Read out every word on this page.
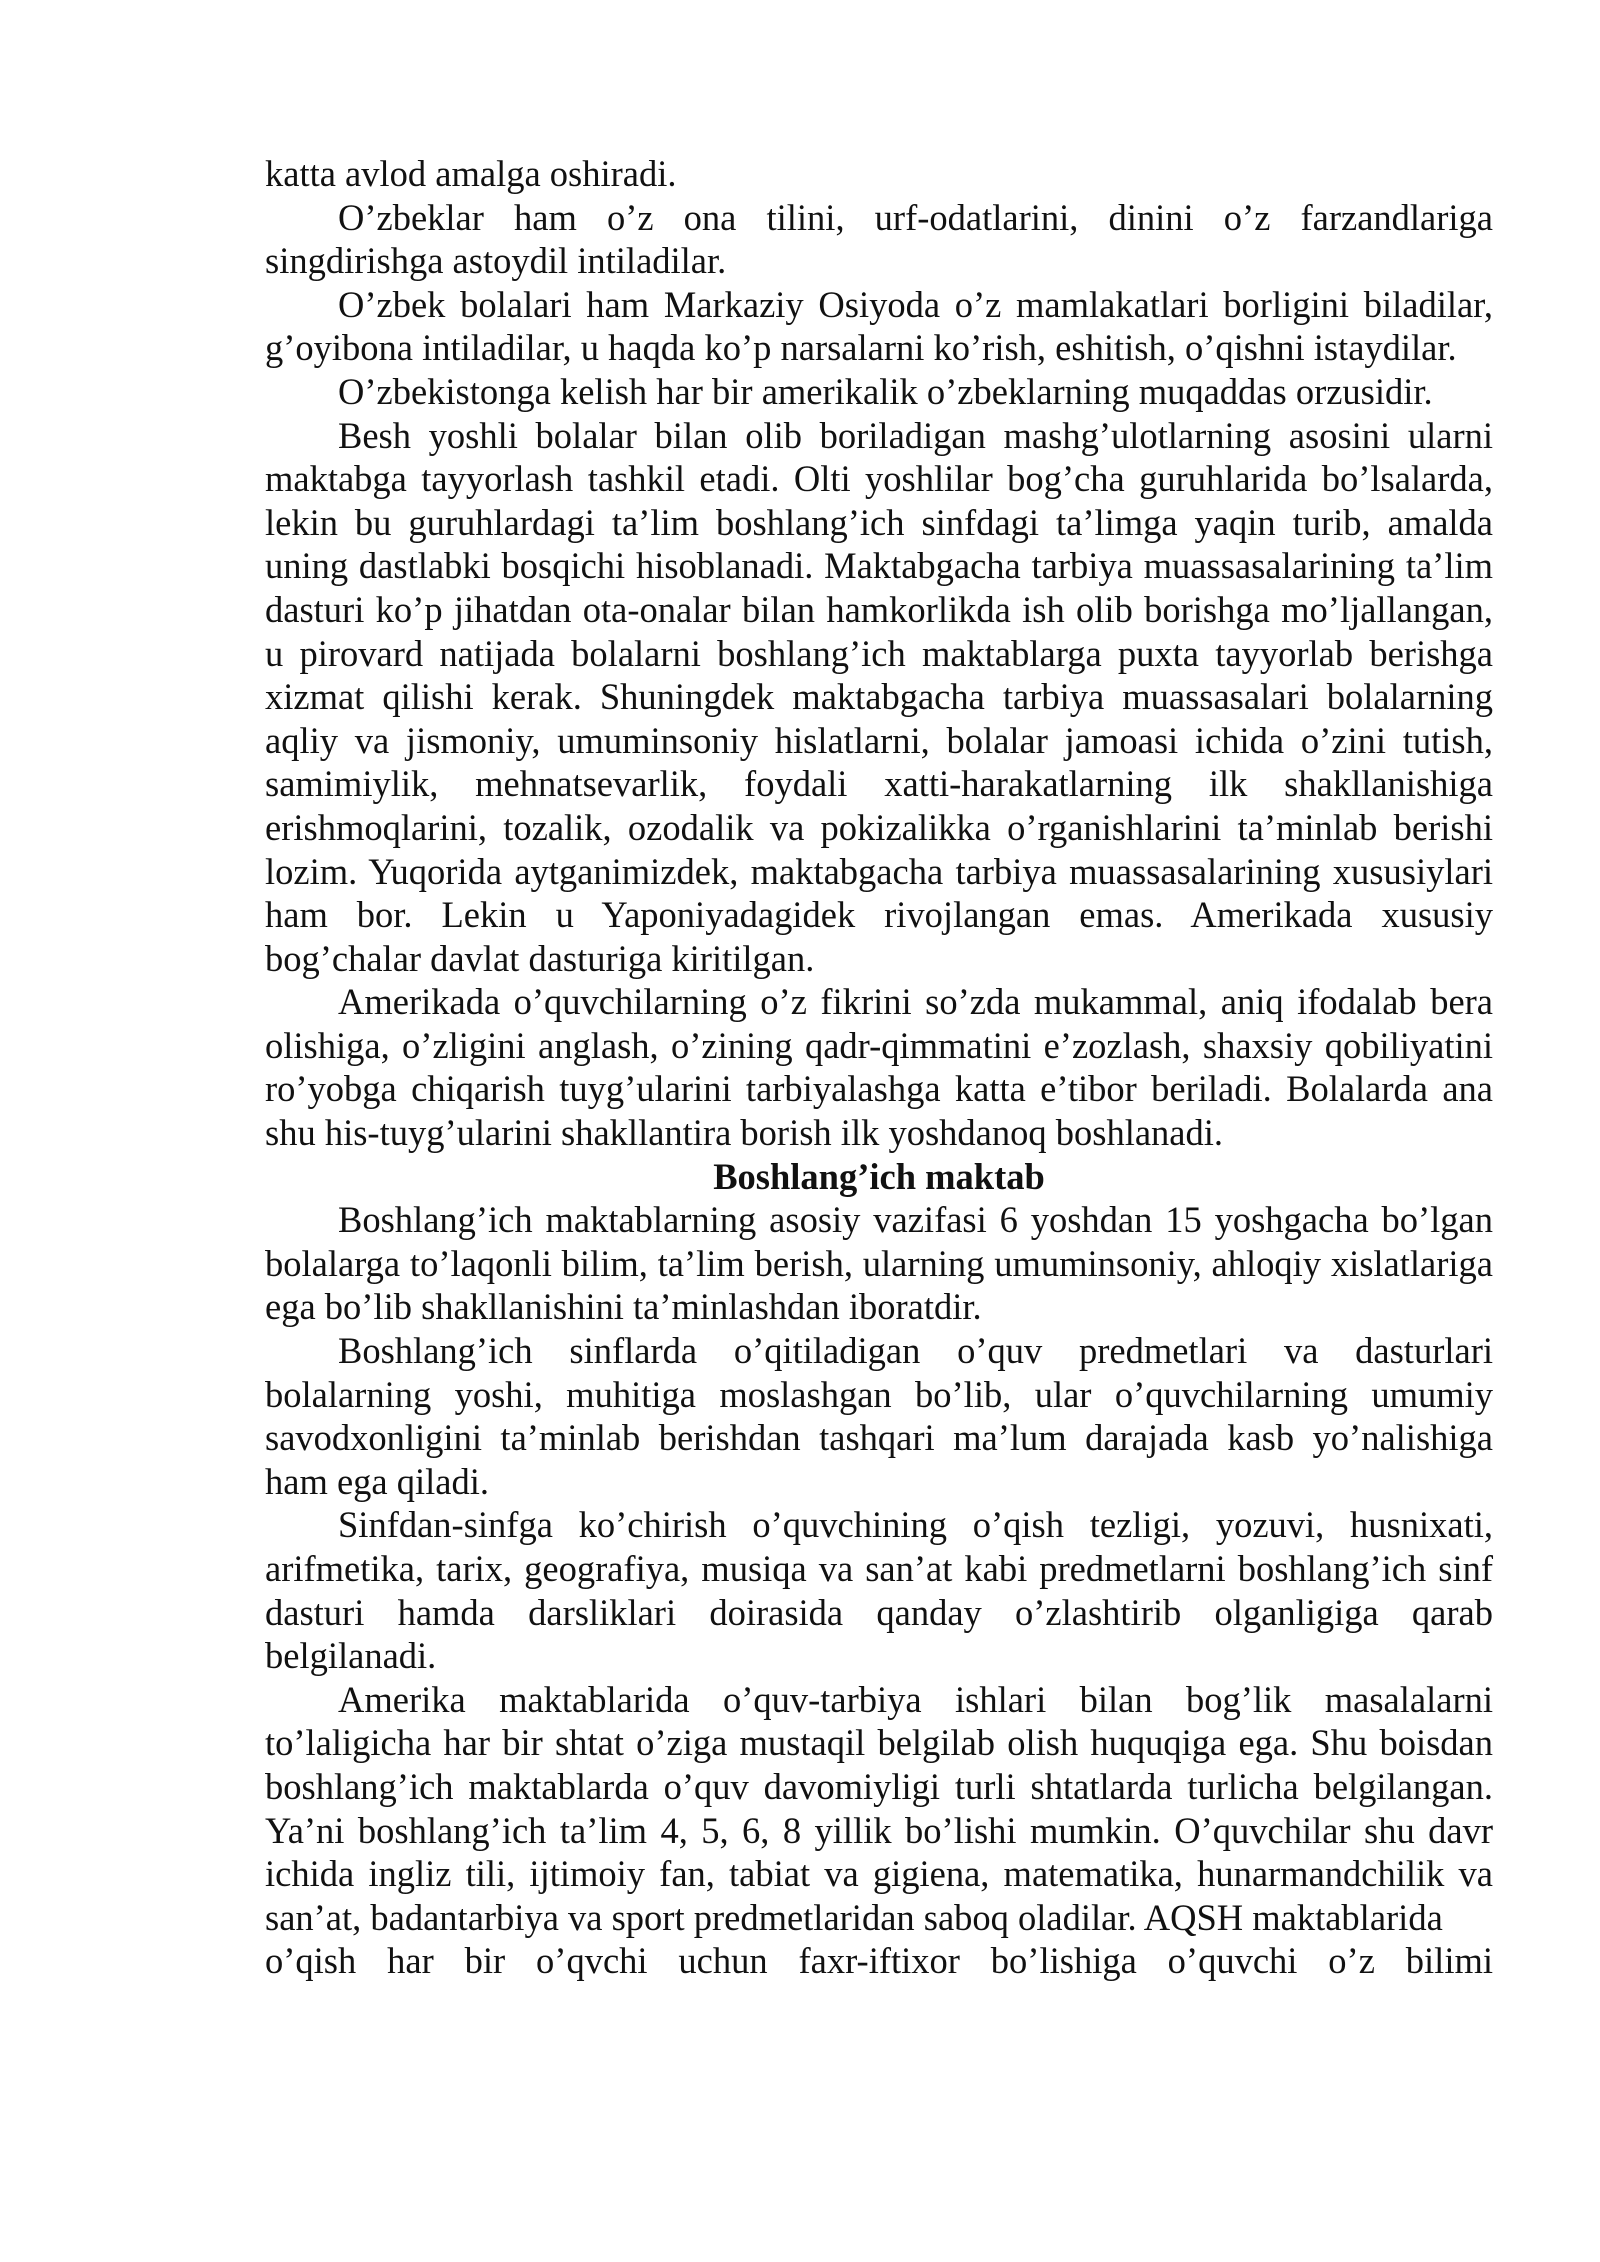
katta avlod amalga oshiradi.

O’zbeklar ham o’z ona tilini, urf-odatlarini, dinini o’z farzandlariga singdirishga astoydil intiladilar.

O’zbek bolalari ham Markaziy Osiyoda o’z mamlakatlari borligini biladilar, g’oyibona intiladilar, u haqda ko’p narsalarni ko’rish, eshitish, o’qishni istaydilar.

O’zbekistonga kelish har bir amerikalik o’zbeklarning muqaddas orzusidir.

Besh yoshli bolalar bilan olib boriladigan mashg’ulotlarning asosini ularni maktabga tayyorlash tashkil etadi. Olti yoshlilar bog’cha guruhlarida bo’lsalarda, lekin bu guruhlardagi ta’lim boshlang’ich sinfdagi ta’limga yaqin turib, amalda uning dastlabki bosqichi hisoblanadi. Maktabgacha tarbiya muassasalarining ta’lim dasturi ko’p jihatdan ota-onalar bilan hamkorlikda ish olib borishga mo’ljallangan, u pirovard natijada bolalarni boshlang’ich maktablarga puxta tayyorlab berishga xizmat qilishi kerak. Shuningdek maktabgacha tarbiya muassasalari bolalarning aqliy va jismoniy, umuminsoniy hislatlarni, bolalar jamoasi ichida o’zini tutish, samimiylik, mehnatsevarlik, foydali xatti-harakatlarning ilk shakllanishiga erishmoqlarini, tozalik, ozodalik va pokizalikka o’rganishlarini ta’minlab berishi lozim. Yuqorida aytganimizdek, maktabgacha tarbiya muassasalarining xususiylari ham bor. Lekin u Yaponiyadagidek rivojlangan emas. Amerikada xususiy bog’chalar davlat dasturiga kiritilgan.

Amerikada o’quvchilarning o’z fikrini so’zda mukammal, aniq ifodalab bera olishiga, o’zligini anglash, o’zining qadr-qimmatini e’zozlash, shaxsiy qobiliyatini ro’yobga chiqarish tuyg’ularini tarbiyalashga katta e’tibor beriladi. Bolalarda ana shu his-tuyg’ularini shakllantira borish ilk yoshdanoq boshlanadi.

Boshlang’ich maktab

Boshlang’ich maktablarning asosiy vazifasi 6 yoshdan 15 yoshgacha bo’lgan bolalarga to’laqonli bilim, ta’lim berish, ularning umuminsoniy, ahloqiy xislatlariga ega bo’lib shakllanishini ta’minlashdan iboratdir.

Boshlang’ich sinflarda o’qitiladigan o’quv predmetlari va dasturlari bolalarning yoshi, muhitiga moslashgan bo’lib, ular o’quvchilarning umumiy savodxonligini ta’minlab berishdan tashqari ma’lum darajada kasb yo’nalishiga ham ega qiladi.

Sinfdan-sinfga ko’chirish o’quvchining o’qish tezligi, yozuvi, husnixati, arifmetika, tarix, geografiya, musiqa va san’at kabi predmetlarni boshlang’ich sinf dasturi hamda darsliklari doirasida qanday o’zlashtirib olganligiga qarab belgilanadi.

Amerika maktablarida o’quv-tarbiya ishlari bilan bog’lik masalalarni to’laligicha har bir shtat o’ziga mustaqil belgilab olish huquqiga ega. Shu boisdan boshlang’ich maktablarda o’quv davomiyligi turli shtatlarda turlicha belgilangan. Ya’ni boshlang’ich ta’lim 4, 5, 6, 8 yillik bo’lishi mumkin. O’quvchilar shu davr ichida ingliz tili, ijtimoiy fan, tabiat va gigiena, matematika, hunarmandchilik va san’at, badantarbiya va sport predmetlaridan saboq oladilar. AQSH maktablarida

o’qish har bir o’qvchi uchun faxr-iftixor bo’lishiga o’quvchi o’z bilimi
